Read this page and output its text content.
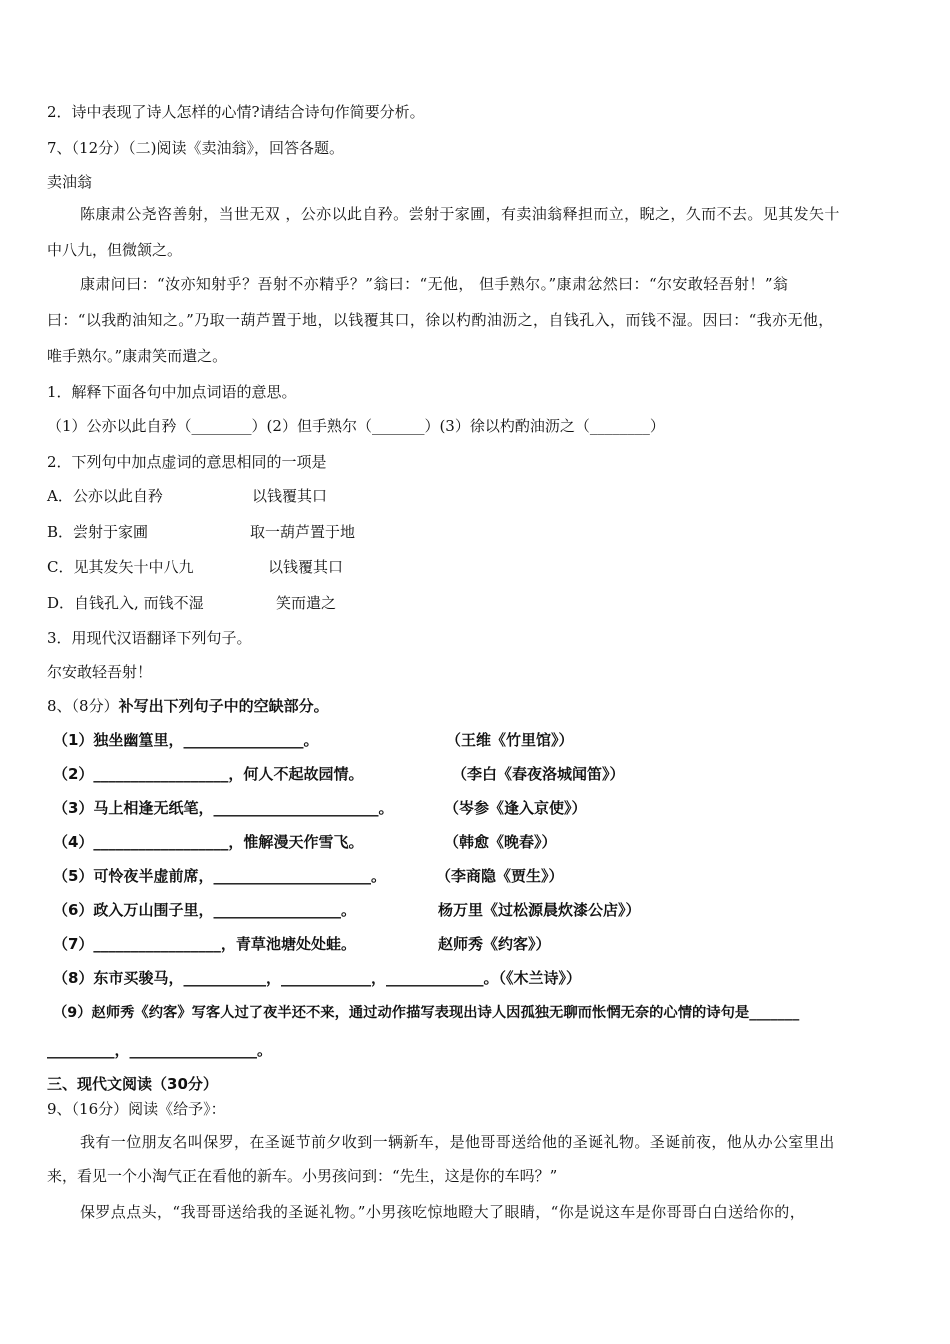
2．诗中表现了诗人怎样的心情?请结合诗句作简要分析。
7、（12分）（二)阅读《卖油翁》，回答各题。
卖油翁
陈康肃公尧咨善射，当世无双 ，公亦以此自矜。尝射于家圃，有卖油翁释担而立，睨之，久而不去。见其发矢十
中八九，但微颔之。
康肃问曰：“汝亦知射乎？吾射不亦精乎？”翁曰：“无他， 但手熟尔。”康肃忿然曰：“尔安敢轻吾射！”翁
曰：“以我酌油知之。”乃取一葫芦置于地，以钱覆其口，徐以杓酌油沥之，自钱孔入，而钱不湿。因曰：“我亦无他，
唯手熟尔。”康肃笑而遣之。
1．解释下面各句中加点词语的意思。
（1）公亦以此自矜（________）(2）但手熟尔（_______）(3）徐以杓酌油沥之（________）
2．下列句中加点虚词的意思相同的一项是
A．公亦以此自矜	以钱覆其口
B．尝射于家圃	取一葫芦置于地
C．见其发矢十中八九	以钱覆其口
D．自钱孔入, 而钱不湿	笑而遣之
3．用现代汉语翻译下列句子。
尔安敢轻吾射！
8、（8分）补写出下列句子中的空缺部分。
（1）独坐幽篁里，________________。	（王维《竹里馆》）
（2）__________________，何人不起故园情。	（李白《春夜洛城闻笛》）
（3）马上相逢无纸笔，______________________。	（岑参《逢入京使》）
（4）__________________，惟解漫天作雪飞。	（韩愈《晚春》）
（5）可怜夜半虚前席，_____________________。	（李商隐《贾生》）
（6）政入万山围子里，_________________。	杨万里《过松源晨炊漆公店》）
（7）_________________，青草池塘处处蛙。	赵师秀《约客》）
（8）东市买骏马，___________，____________，_____________。（《木兰诗》）
（9）赵师秀《约客》写客人过了夜半还不来，通过动作描写表现出诗人因孤独无聊而怅惘无奈的心情的诗句是_______
_________，_________________。
三、现代文阅读（30分）
9、（16分）阅读《给予》：
我有一位朋友名叫保罗，在圣诞节前夕收到一辆新车，是他哥哥送给他的圣诞礼物。圣诞前夜，他从办公室里出
来，看见一个小淘气正在看他的新车。小男孩问到：“先生，这是你的车吗？”
保罗点点头，“我哥哥送给我的圣诞礼物。”小男孩吃惊地瞪大了眼睛，“你是说这车是你哥哥白白送给你的，
